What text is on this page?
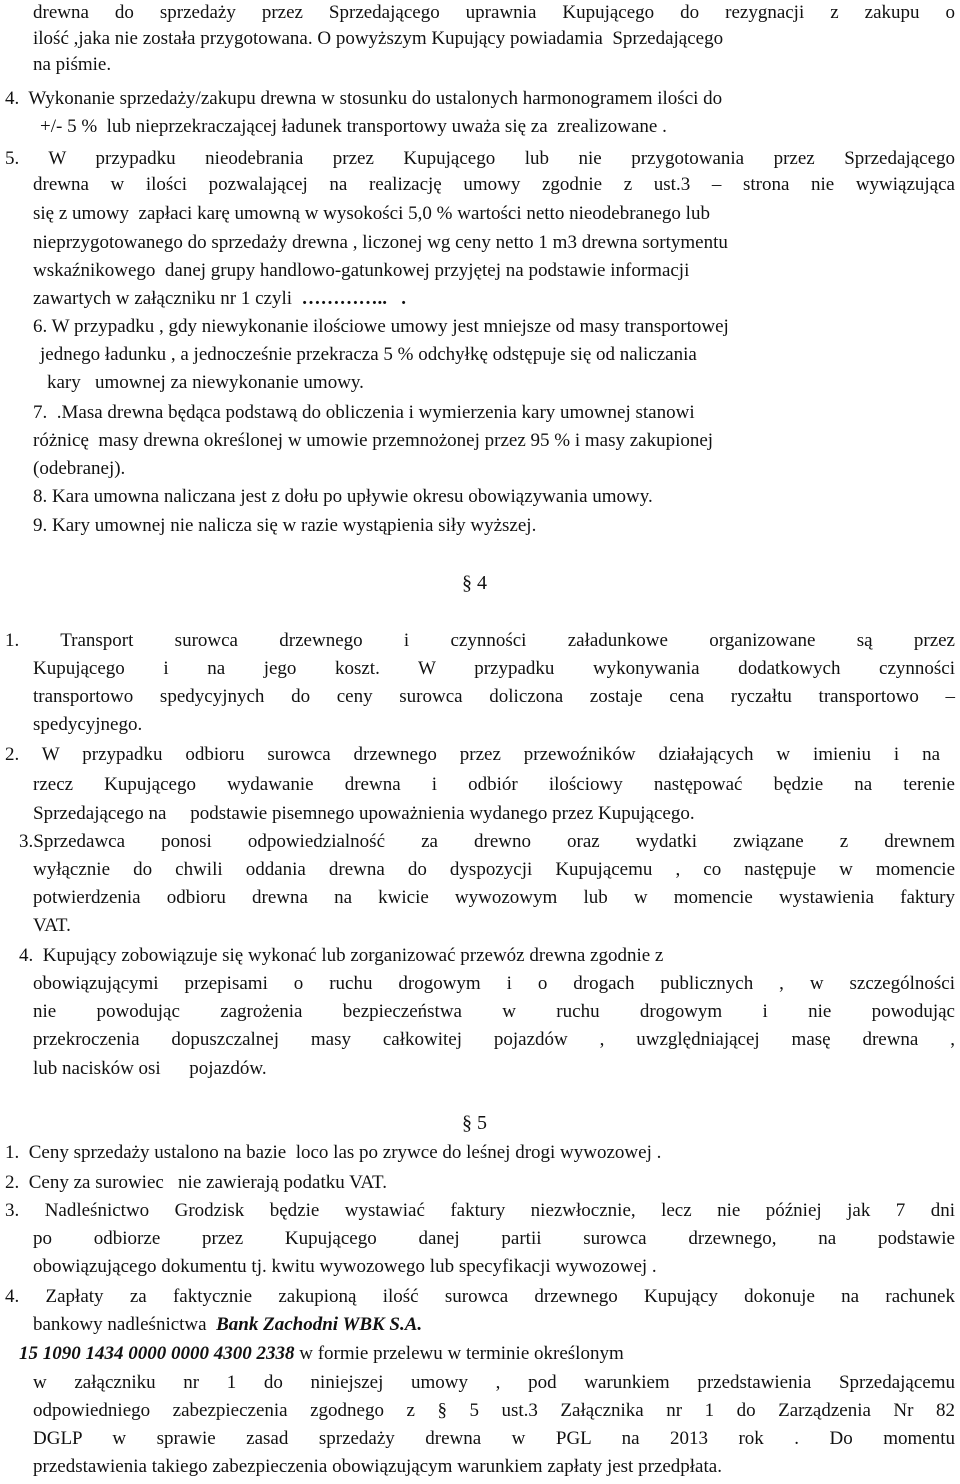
drewna do sprzedaży przez Sprzedającego uprawnia Kupującego do rezygnacji z zakupu o
ilość ,jaka nie została przygotowana. O powyższym Kupujący powiadamia  Sprzedającego
na piśmie.
4.  Wykonanie sprzedaży/zakupu drewna w stosunku do ustalonych harmonogramem ilości do
+/- 5 %  lub nieprzekraczającej ładunek transportowy uważa się za  zrealizowane .
5. W przypadku nieodebrania przez Kupującego lub nie przygotowania przez Sprzedającego
drewna w ilości pozwalającej na realizację umowy zgodnie z ust.3 – strona nie wywiązująca
się z umowy  zapłaci karę umowną w wysokości 5,0 % wartości netto nieodebranego lub
nieprzygotowanego do sprzedaży drewna , liczonej wg ceny netto 1 m3 drewna sortymentu
wskaźnikowego  danej grupy handlowo-gatunkowej przyjętej na podstawie informacji
zawartych w załączniku nr 1 czyli  …………..   .
6. W przypadku , gdy niewykonanie ilościowe umowy jest mniejsze od masy transportowej
jednego ładunku , a jednocześnie przekracza 5 % odchyłkę odstępuje się od naliczania
kary   umownej za niewykonanie umowy.
7.  .Masa drewna będąca podstawą do obliczenia i wymierzenia kary umownej stanowi
różnicę  masy drewna określonej w umowie przemnożonej przez 95 % i masy zakupionej
(odebranej).
8. Kara umowna naliczana jest z dołu po upływie okresu obowiązywania umowy.
9. Kary umownej nie nalicza się w razie wystąpienia siły wyższej.
§ 4
1. Transport surowca drzewnego i czynności załadunkowe organizowane są przez
Kupującego i na jego koszt. W przypadku wykonywania dodatkowych czynności
transportowo spedycyjnych do ceny surowca doliczona zostaje cena ryczałtu transportowo –
spedycyjnego.
2. W przypadku odbioru surowca drzewnego przez przewoźników działających w imieniu i na
rzecz Kupującego wydawanie drewna i odbiór ilościowy następować będzie na terenie
Sprzedającego na     podstawie pisemnego upoważnienia wydanego przez Kupującego.
3.Sprzedawca ponosi odpowiedzialność za drewno oraz wydatki związane z drewnem
wyłącznie do chwili oddania drewna do dyspozycji Kupującemu , co następuje w momencie
potwierdzenia odbioru drewna na kwicie wywozowym lub w momencie wystawienia faktury
VAT.
4.  Kupujący zobowiązuje się wykonać lub zorganizować przewóz drewna zgodnie z
obowiązującymi przepisami o ruchu drogowym i o drogach publicznych , w szczególności
nie powodując zagrożenia bezpieczeństwa w ruchu drogowym i nie powodując
przekroczenia dopuszczalnej masy całkowitej pojazdów , uwzględniającej masę drewna ,
lub nacisków osi      pojazdów.
§ 5
1.  Ceny sprzedaży ustalono na bazie  loco las po zrywce do leśnej drogi wywozowej .
2.  Ceny za surowiec   nie zawierają podatku VAT.
3. Nadleśnictwo Grodzisk będzie wystawiać faktury niezwłocznie, lecz nie później jak 7 dni
po odbiorze przez Kupującego danej partii surowca drzewnego, na podstawie
obowiązującego dokumentu tj. kwitu wywozowego lub specyfikacji wywozowej .
4. Zapłaty za faktycznie zakupioną ilość surowca drzewnego Kupujący dokonuje na rachunek
bankowy nadleśnictwa  Bank Zachodni WBK S.A.
15 1090 1434 0000 0000 4300 2338 w formie przelewu w terminie określonym
w załączniku nr 1 do niniejszej umowy , pod warunkiem przedstawienia Sprzedającemu
odpowiedniego zabezpieczenia zgodnego z § 5 ust.3 Załącznika nr 1 do Zarządzenia Nr 82
DGLP w sprawie zasad sprzedaży drewna w PGL na 2013 rok . Do momentu
przedstawienia takiego zabezpieczenia obowiązującym warunkiem zapłaty jest przedpłata.
